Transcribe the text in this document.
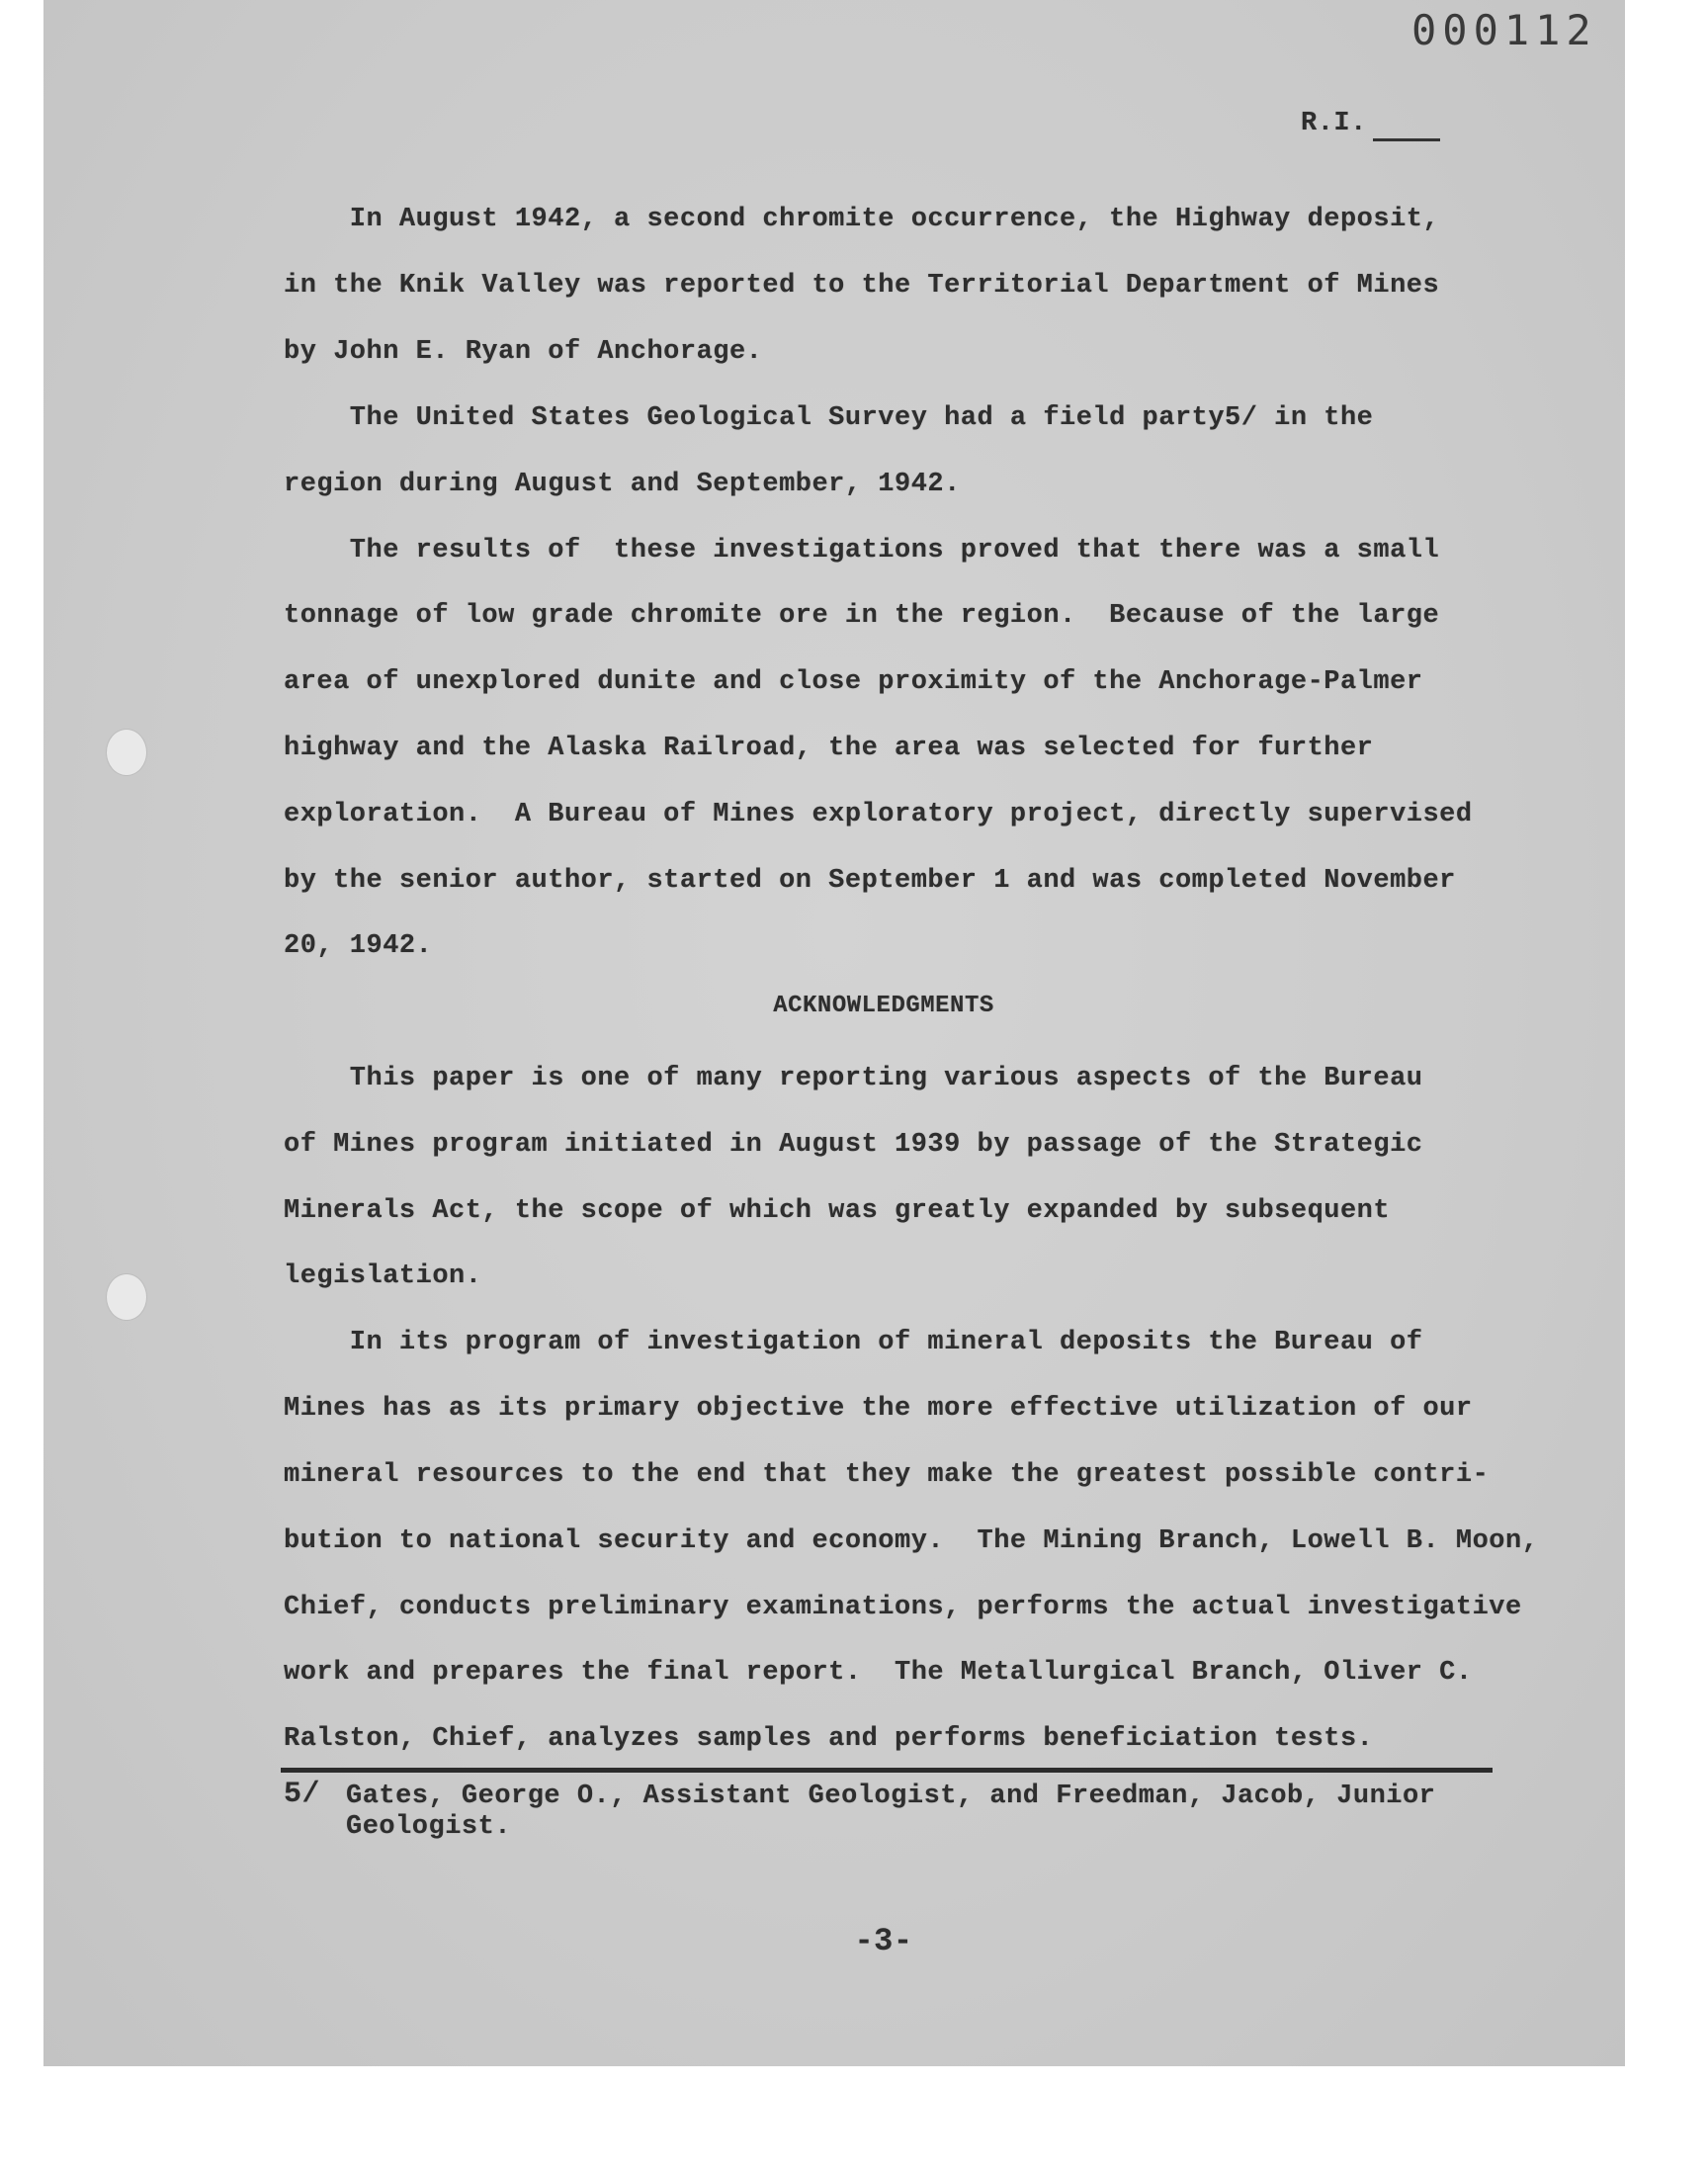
000112
R.I.
In August 1942, a second chromite occurrence, the Highway deposit,
in the Knik Valley was reported to the Territorial Department of Mines
by John E. Ryan of Anchorage.
The United States Geological Survey had a field party5/ in the
region during August and September, 1942.
The results of  these investigations proved that there was a small
tonnage of low grade chromite ore in the region.  Because of the large
area of unexplored dunite and close proximity of the Anchorage-Palmer
highway and the Alaska Railroad, the area was selected for further
exploration.  A Bureau of Mines exploratory project, directly supervised
by the senior author, started on September 1 and was completed November
20, 1942.
ACKNOWLEDGMENTS
This paper is one of many reporting various aspects of the Bureau
of Mines program initiated in August 1939 by passage of the Strategic
Minerals Act, the scope of which was greatly expanded by subsequent
legislation.
In its program of investigation of mineral deposits the Bureau of
Mines has as its primary objective the more effective utilization of our
mineral resources to the end that they make the greatest possible contri-
bution to national security and economy.  The Mining Branch, Lowell B. Moon,
Chief, conducts preliminary examinations, performs the actual investigative
work and prepares the final report.  The Metallurgical Branch, Oliver C.
Ralston, Chief, analyzes samples and performs beneficiation tests.
5/ Gates, George O., Assistant Geologist, and Freedman, Jacob, Junior
Geologist.
-3-
